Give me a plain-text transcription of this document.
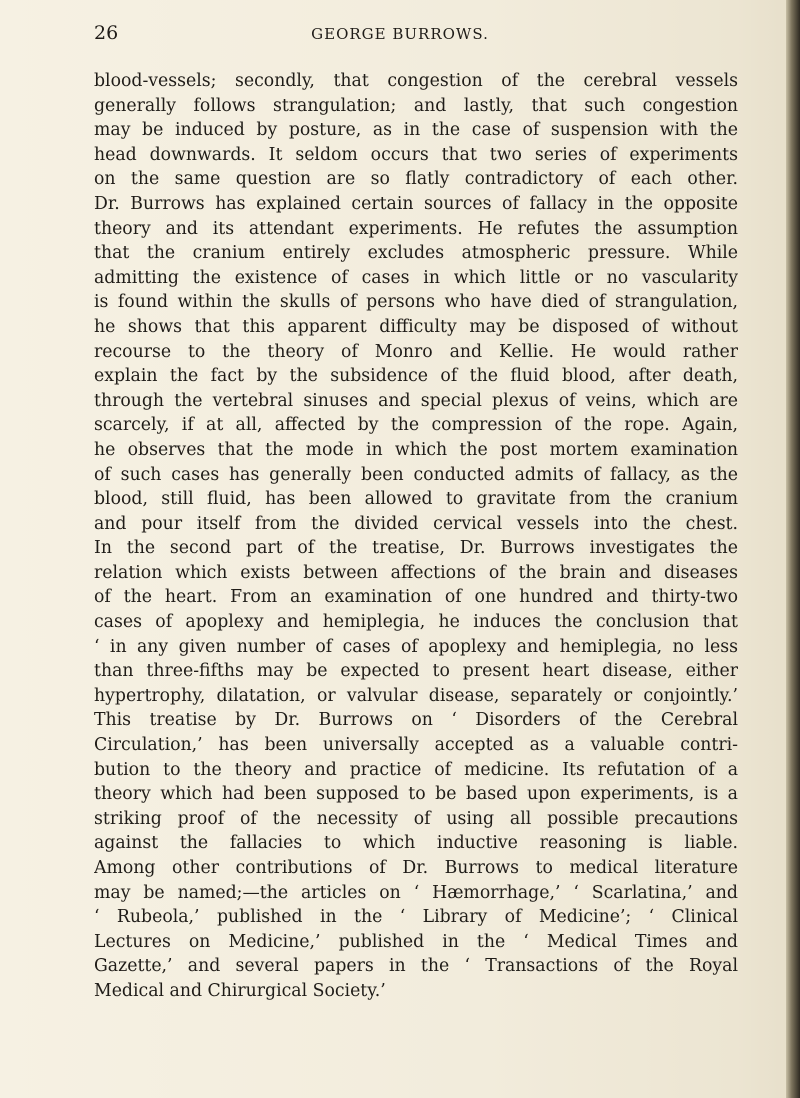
26	GEORGE BURROWS.
blood-vessels; secondly, that congestion of the cerebral vessels
generally follows strangulation; and lastly, that such congestion
may be induced by posture, as in the case of suspension with the
head downwards. It seldom occurs that two series of experiments
on the same question are so flatly contradictory of each other.
Dr. Burrows has explained certain sources of fallacy in the opposite
theory and its attendant experiments. He refutes the assumption
that the cranium entirely excludes atmospheric pressure. While
admitting the existence of cases in which little or no vascularity
is found within the skulls of persons who have died of strangulation,
he shows that this apparent difficulty may be disposed of without
recourse to the theory of Monro and Kellie. He would rather
explain the fact by the subsidence of the fluid blood, after death,
through the vertebral sinuses and special plexus of veins, which are
scarcely, if at all, affected by the compression of the rope. Again,
he observes that the mode in which the post mortem examination
of such cases has generally been conducted admits of fallacy, as the
blood, still fluid, has been allowed to gravitate from the cranium
and pour itself from the divided cervical vessels into the chest.
In the second part of the treatise, Dr. Burrows investigates the
relation which exists between affections of the brain and diseases
of the heart. From an examination of one hundred and thirty-two
cases of apoplexy and hemiplegia, he induces the conclusion that
‘ in any given number of cases of apoplexy and hemiplegia, no less
than three-fifths may be expected to present heart disease, either
hypertrophy, dilatation, or valvular disease, separately or conjointly.’
This treatise by Dr. Burrows on ‘ Disorders of the Cerebral
Circulation,’ has been universally accepted as a valuable contri-
bution to the theory and practice of medicine. Its refutation of a
theory which had been supposed to be based upon experiments, is a
striking proof of the necessity of using all possible precautions
against the fallacies to which inductive reasoning is liable.
Among other contributions of Dr. Burrows to medical literature
may be named;—the articles on ‘ Hæmorrhage,’ ‘ Scarlatina,’ and
‘ Rubeola,’ published in the ‘ Library of Medicine’; ‘ Clinical
Lectures on Medicine,’ published in the ‘ Medical Times and
Gazette,’ and several papers in the ‘ Transactions of the Royal
Medical and Chirurgical Society.’
